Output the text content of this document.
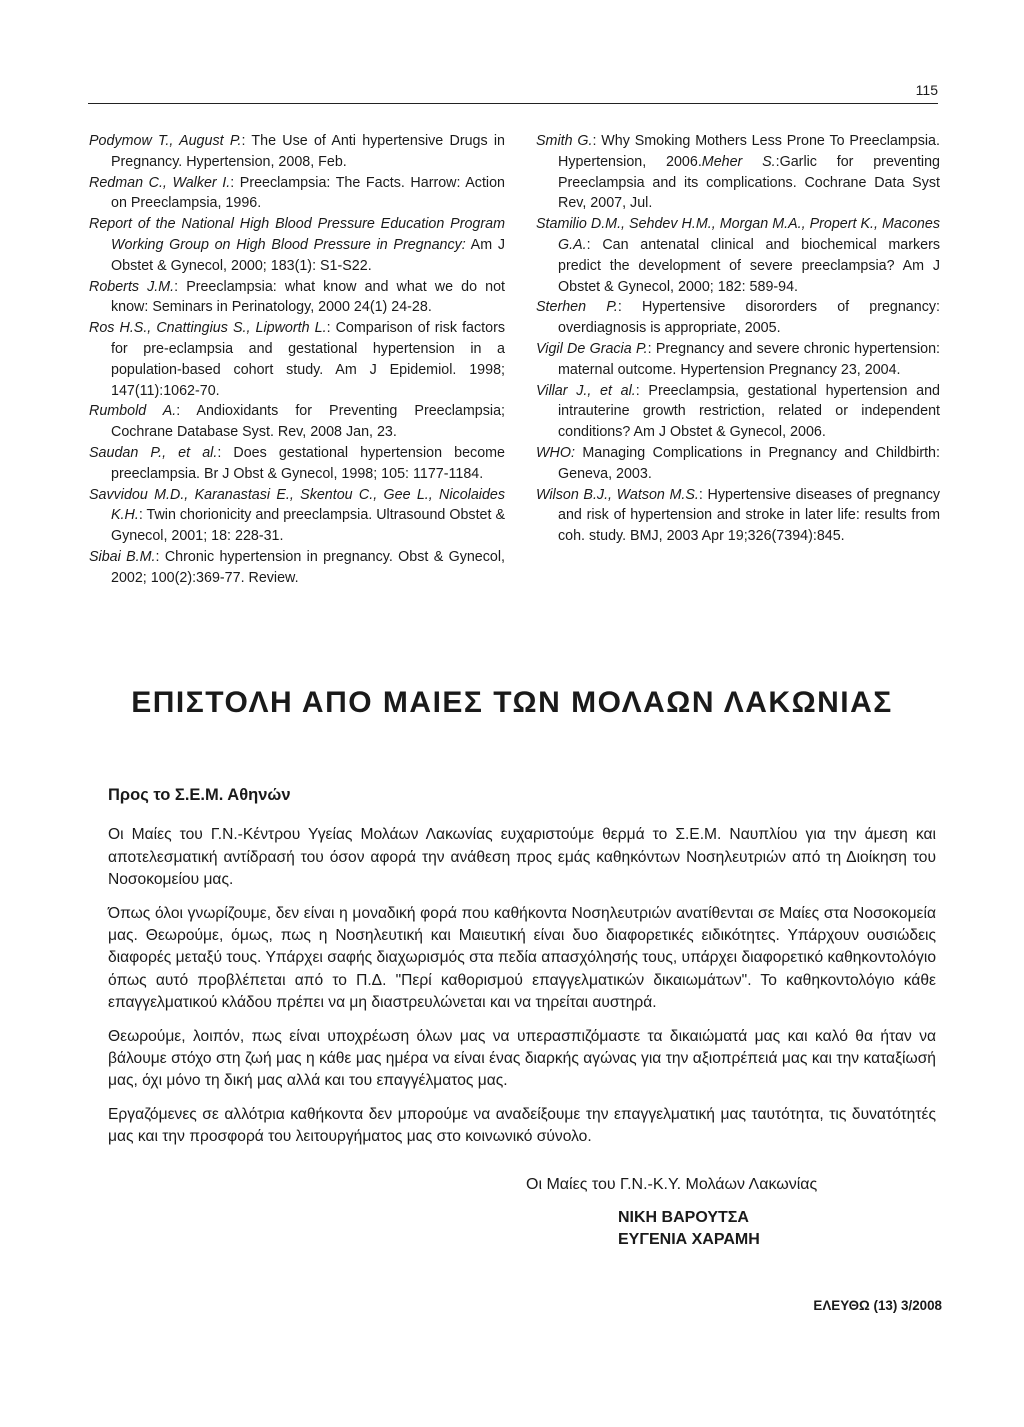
115

Podymow T., August P.: The Use of Anti hypertensive Drugs in Pregnancy. Hypertension, 2008, Feb.

Redman C., Walker I.: Preeclampsia: The Facts. Harrow: Action on Preeclampsia, 1996.

Report of the National High Blood Pressure Education Program Working Group on High Blood Pressure in Pregnancy: Am J Obstet & Gynecol, 2000; 183(1): S1-S22.

Roberts J.M.: Preeclampsia: what know and what we do not know: Seminars in Perinatology, 2000 24(1) 24-28.

Ros H.S., Cnattingius S., Lipworth L.: Comparison of risk factors for pre-eclampsia and gestational hypertension in a population-based cohort study. Am J Epidemiol. 1998; 147(11):1062-70.

Rumbold A.: Andioxidants for Preventing Preeclampsia; Cochrane Database Syst. Rev, 2008 Jan, 23.

Saudan P., et al.: Does gestational hypertension become preeclampsia. Br J Obst & Gynecol, 1998; 105: 1177-1184.

Savvidou M.D., Karanastasi E., Skentou C., Gee L., Nicolaides K.H.: Twin chorionicity and preeclampsia. Ultrasound Obstet & Gynecol, 2001; 18: 228-31.

Sibai B.M.: Chronic hypertension in pregnancy. Obst & Gynecol, 2002; 100(2):369-77. Review.

Smith G.: Why Smoking Mothers Less Prone To Preeclampsia. Hypertension, 2006.Meher S.:Garlic for preventing Preeclampsia and its complications. Cochrane Data Syst Rev, 2007, Jul.

Stamilio D.M., Sehdev H.M., Morgan M.A., Propert K., Macones G.A.: Can antenatal clinical and biochemical markers predict the development of severe preeclampsia? Am J Obstet & Gynecol, 2000; 182: 589-94.

Sterhen P.: Hypertensive disororders of pregnancy: overdiagnosis is appropriate, 2005.

Vigil De Gracia P.: Pregnancy and severe chronic hypertension: maternal outcome. Hypertension Pregnancy 23, 2004.

Villar J., et al.: Preeclampsia, gestational hypertension and intrauterine growth restriction, related or independent conditions? Am J Obstet & Gynecol, 2006.

WHO: Managing Complications in Pregnancy and Childbirth: Geneva, 2003.

Wilson B.J., Watson M.S.: Hypertensive diseases of pregnancy and risk of hypertension and stroke in later life: results from coh. study. BMJ, 2003 Apr 19;326(7394):845.

ΕΠΙΣΤΟΛΗ ΑΠΟ ΜΑΙΕΣ ΤΩΝ ΜΟΛΑΩΝ ΛΑΚΩΝΙΑΣ

Προς το Σ.Ε.Μ. Αθηνών

Οι Μαίες του Γ.Ν.-Κέντρου Υγείας Μολάων Λακωνίας ευχαριστούμε θερμά το Σ.Ε.Μ. Ναυπλίου για την άμεση και αποτελεσματική αντίδρασή του όσον αφορά την ανάθεση προς εμάς καθηκόντων Νοσηλευτριών από τη Διοίκηση του Νοσοκομείου μας.

Όπως όλοι γνωρίζουμε, δεν είναι η μοναδική φορά που καθήκοντα Νοσηλευτριών ανατίθενται σε Μαίες στα Νοσοκομεία μας. Θεωρούμε, όμως, πως η Νοσηλευτική και Μαιευτική είναι δυο διαφορετικές ειδικότητες. Υπάρχουν ουσιώδεις διαφορές μεταξύ τους. Υπάρχει σαφής διαχωρισμός στα πεδία απασχόλησής τους, υπάρχει διαφορετικό καθηκοντολόγιο όπως αυτό προβλέπεται από το Π.Δ. "Περί καθορισμού επαγγελματικών δικαιωμάτων". Το καθηκοντολόγιο κάθε επαγγελματικού κλάδου πρέπει να μη διαστρευλώνεται και να τηρείται αυστηρά.

Θεωρούμε, λοιπόν, πως είναι υποχρέωση όλων μας να υπερασπιζόμαστε τα δικαιώματά μας και καλό θα ήταν να βάλουμε στόχο στη ζωή μας η κάθε μας ημέρα να είναι ένας διαρκής αγώνας για την αξιοπρέπειά μας και την καταξίωσή μας, όχι μόνο τη δική μας αλλά και του επαγγέλματος μας.

Εργαζόμενες σε αλλότρια καθήκοντα δεν μπορούμε να αναδείξουμε την επαγγελματική μας ταυτότητα, τις δυνατότητές μας και την προσφορά του λειτουργήματος μας στο κοινωνικό σύνολο.

Οι Μαίες του Γ.Ν.-Κ.Υ. Μολάων Λακωνίας
ΝΙΚΗ ΒΑΡΟΥΤΣΑ
ΕΥΓΕΝΙΑ ΧΑΡΑΜΗ
ΕΛΕΥΘΩ (13) 3/2008
